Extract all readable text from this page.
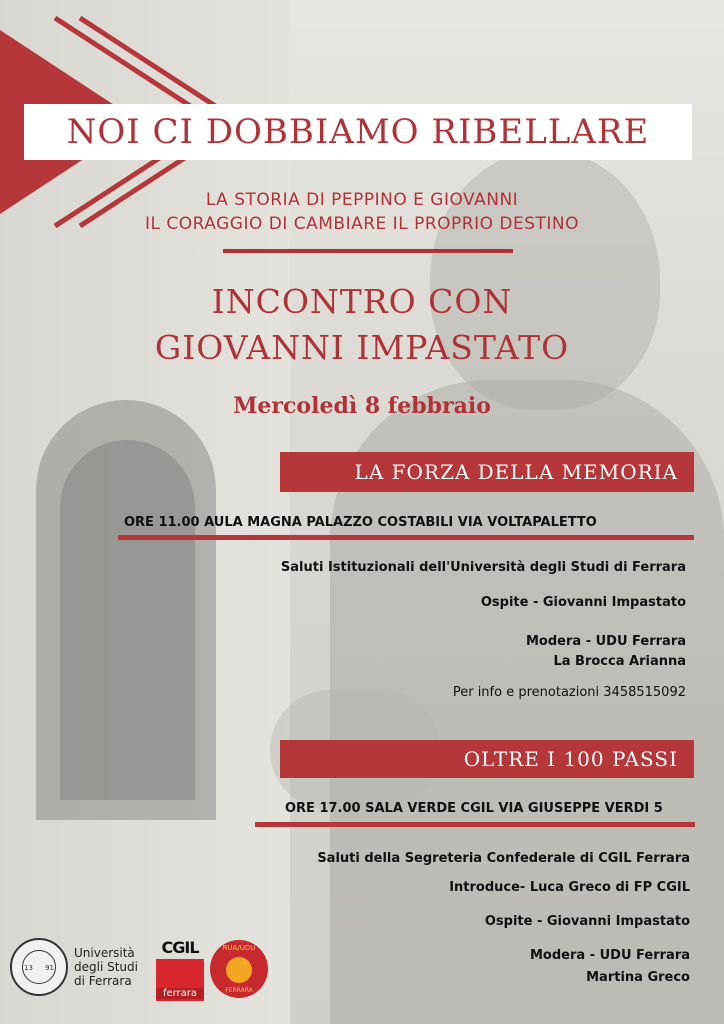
NOI CI DOBBIAMO RIBELLARE
LA STORIA DI PEPPINO E GIOVANNI
IL CORAGGIO DI CAMBIARE IL PROPRIO DESTINO
INCONTRO CON
GIOVANNI IMPASTATO
Mercoledì 8 febbraio
LA FORZA DELLA MEMORIA
ORE 11.00 AULA MAGNA PALAZZO COSTABILI VIA VOLTAPALETTO
Saluti Istituzionali dell'Università degli Studi di Ferrara
Ospite - Giovanni Impastato
Modera - UDU Ferrara
La Brocca Arianna
Per info e prenotazioni 3458515092
OLTRE I 100 PASSI
ORE 17.00 SALA VERDE CGIL VIA GIUSEPPE VERDI 5
Saluti della Segreteria Confederale di CGIL Ferrara
Introduce- Luca Greco di FP CGIL
Ospite - Giovanni Impastato
Modera - UDU Ferrara
Martina Greco
13 91
Università
degli Studi
di Ferrara
CGIL
ferrara
RUA/UDU
FERRARA
